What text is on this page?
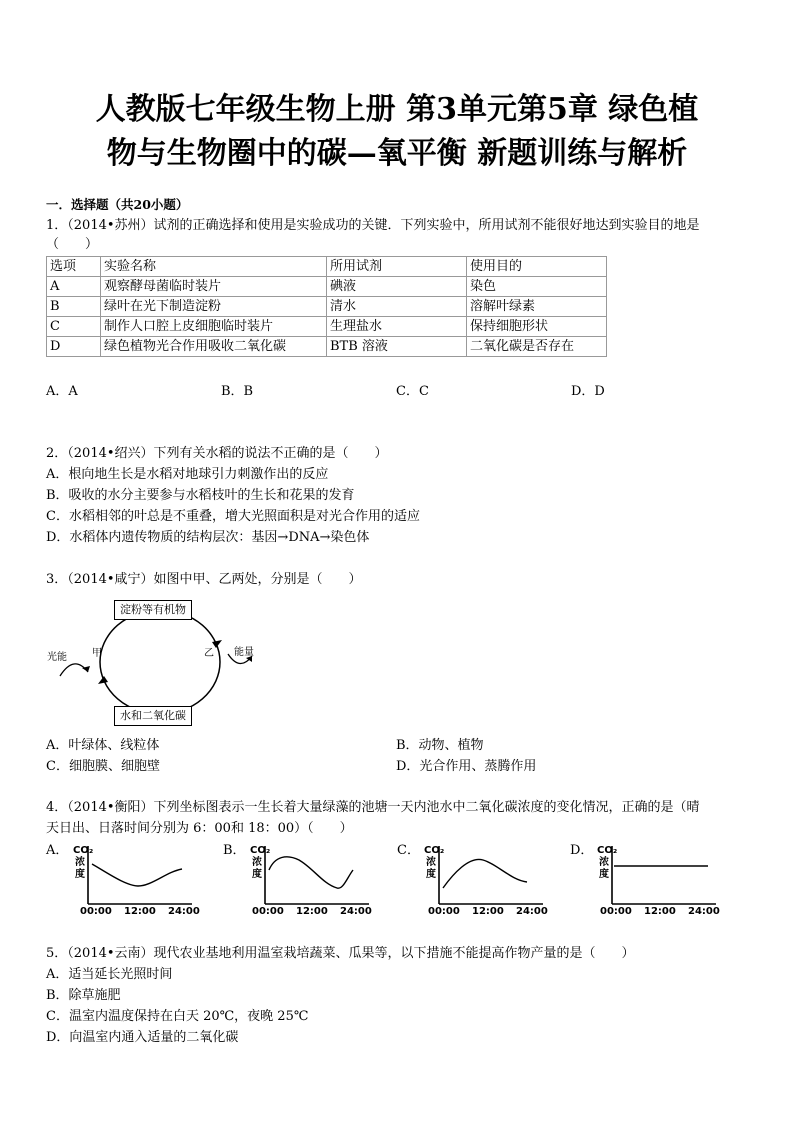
人教版七年级生物上册 第3单元第5章 绿色植
物与生物圈中的碳—氧平衡 新题训练与解析
一．选择题（共20小题）
1．（2014•苏州）试剂的正确选择和使用是实验成功的关键．下列实验中，所用试剂不能很好地达到实验目的地是
（　　）
选项	实验名称	所用试剂	使用目的
A	观察酵母菌临时装片	碘液	染色
B	绿叶在光下制造淀粉	清水	溶解叶绿素
C	制作人口腔上皮细胞临时装片	生理盐水	保持细胞形状
D	绿色植物光合作用吸收二氧化碳	BTB 溶液	二氧化碳是否存在
A．A	B．B	C．C	D．D
2．（2014•绍兴）下列有关水稻的说法不正确的是（　　）
A．根向地生长是水稻对地球引力刺激作出的反应
B．吸收的水分主要参与水稻枝叶的生长和花果的发育
C．水稻相邻的叶总是不重叠，增大光照面积是对光合作用的适应
D．水稻体内遗传物质的结构层次：基因→DNA→染色体
3．（2014•咸宁）如图中甲、乙两处，分别是（　　）
淀粉等有机物
水和二氧化碳
光能	甲	乙 能量
A．叶绿体、线粒体	B．动物、植物
C．细胞膜、细胞壁	D．光合作用、蒸腾作用
4．（2014•衡阳）下列坐标图表示一生长着大量绿藻的池塘一天内池水中二氧化碳浓度的变化情况，正确的是（晴
天日出、日落时间分别为 6：00和 18：00）（　　）
A． CO₂
浓
度
00:00 12:00 24:00
B． CO₂
浓
度
00:00 12:00 24:00
C． CO₂
浓
度
00:00 12:00 24:00
D． CO₂
浓
度
00:00 12:00 24:00
5．（2014•云南）现代农业基地利用温室栽培蔬菜、瓜果等，以下措施不能提高作物产量的是（　　）
A．适当延长光照时间
B．除草施肥
C．温室内温度保持在白天 20℃，夜晚 25℃
D．向温室内通入适量的二氧化碳
